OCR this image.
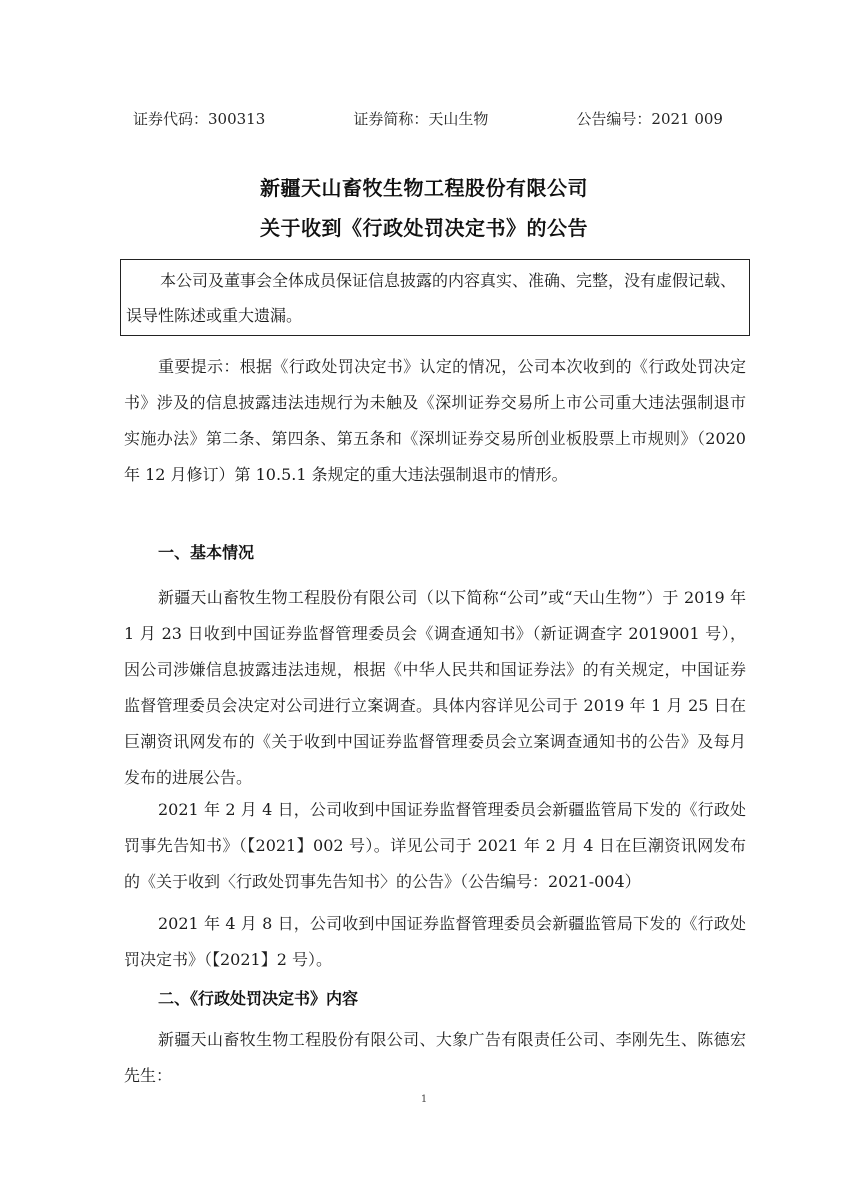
证券代码：300313	证券简称：天山生物	公告编号：2021 009
新疆天山畜牧生物工程股份有限公司
关于收到《行政处罚决定书》的公告

本公司及董事会全体成员保证信息披露的内容真实、准确、完整，没有虚假记载、误导性陈述或重大遗漏。

重要提示：根据《行政处罚决定书》认定的情况，公司本次收到的《行政处罚决定书》涉及的信息披露违法违规行为未触及《深圳证券交易所上市公司重大违法强制退市实施办法》第二条、第四条、第五条和《深圳证券交易所创业板股票上市规则》（2020 年 12 月修订）第 10.5.1 条规定的重大违法强制退市的情形。

一、基本情况

新疆天山畜牧生物工程股份有限公司（以下简称“公司”或“天山生物”）于 2019 年 1 月 23 日收到中国证券监督管理委员会《调查通知书》（新证调查字 2019001 号），因公司涉嫌信息披露违法违规，根据《中华人民共和国证券法》的有关规定，中国证券监督管理委员会决定对公司进行立案调查。具体内容详见公司于 2019 年 1 月 25 日在巨潮资讯网发布的《关于收到中国证券监督管理委员会立案调查通知书的公告》及每月发布的进展公告。

2021 年 2 月 4 日，公司收到中国证券监督管理委员会新疆监管局下发的《行政处罚事先告知书》（【2021】002 号）。详见公司于 2021 年 2 月 4 日在巨潮资讯网发布的《关于收到〈行政处罚事先告知书〉的公告》（公告编号：2021-004）

2021 年 4 月 8 日，公司收到中国证券监督管理委员会新疆监管局下发的《行政处罚决定书》（【2021】2 号）。

二、《行政处罚决定书》内容

新疆天山畜牧生物工程股份有限公司、大象广告有限责任公司、李刚先生、陈德宏先生：

1
